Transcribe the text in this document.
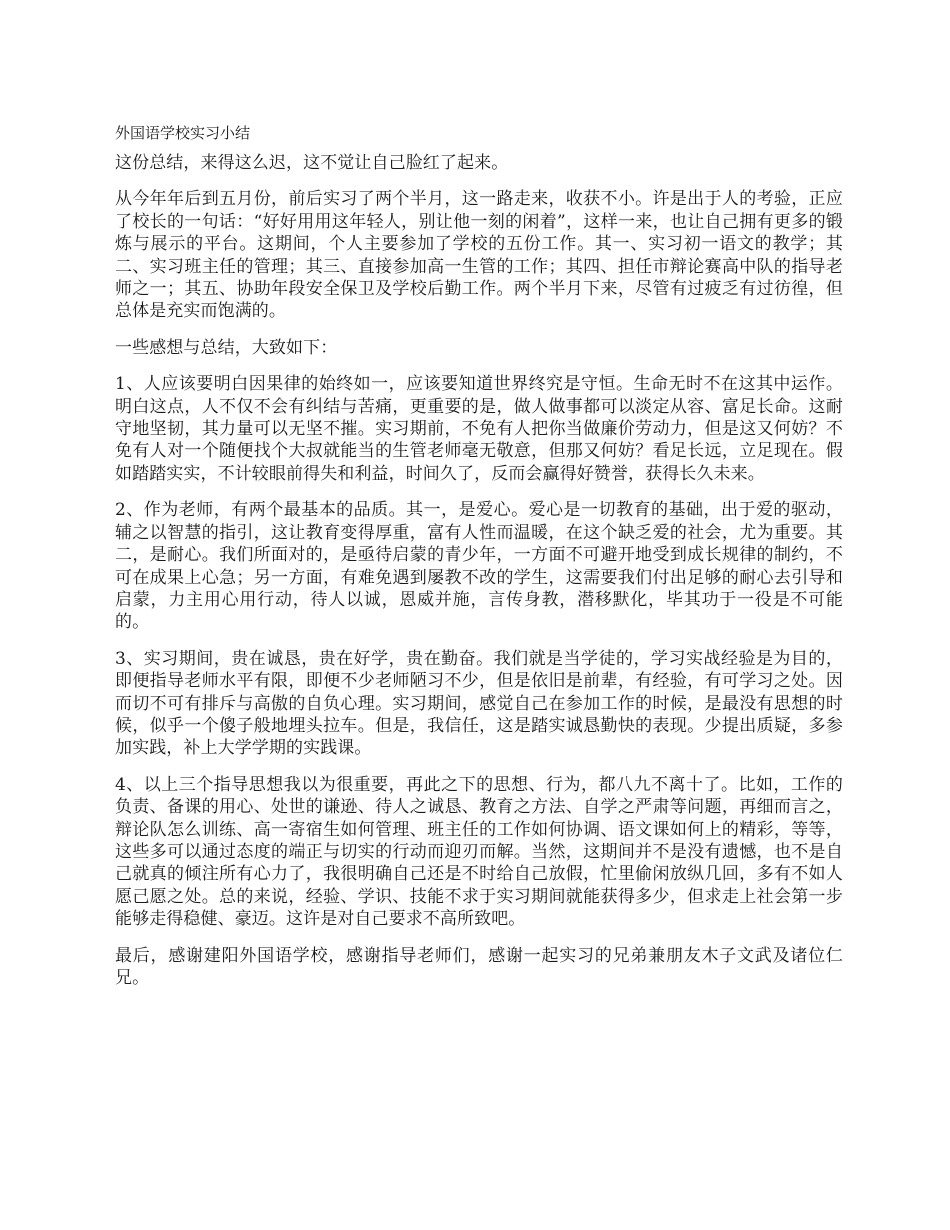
外国语学校实习小结

这份总结，来得这么迟，这不觉让自己脸红了起来。

从今年年后到五月份，前后实习了两个半月，这一路走来，收获不小。许是出于人的考验，正应了校长的一句话：“好好用用这年轻人，别让他一刻的闲着”，这样一来，也让自己拥有更多的锻炼与展示的平台。这期间，个人主要参加了学校的五份工作。其一、实习初一语文的教学；其二、实习班主任的管理；其三、直接参加高一生管的工作；其四、担任市辩论赛高中队的指导老师之一；其五、协助年段安全保卫及学校后勤工作。两个半月下来，尽管有过疲乏有过彷徨，但总体是充实而饱满的。

一些感想与总结，大致如下：

1、人应该要明白因果律的始终如一，应该要知道世界终究是守恒。生命无时不在这其中运作。明白这点，人不仅不会有纠结与苦痛，更重要的是，做人做事都可以淡定从容、富足长命。这耐守地坚韧，其力量可以无坚不摧。实习期前，不免有人把你当做廉价劳动力，但是这又何妨？不免有人对一个随便找个大叔就能当的生管老师毫无敬意，但那又何妨？看足长远，立足现在。假如踏踏实实，不计较眼前得失和利益，时间久了，反而会赢得好赞誉，获得长久未来。

2、作为老师，有两个最基本的品质。其一，是爱心。爱心是一切教育的基础，出于爱的驱动，辅之以智慧的指引，这让教育变得厚重，富有人性而温暖，在这个缺乏爱的社会，尤为重要。其二，是耐心。我们所面对的，是亟待启蒙的青少年，一方面不可避开地受到成长规律的制约，不可在成果上心急；另一方面，有难免遇到屡教不改的学生，这需要我们付出足够的耐心去引导和启蒙，力主用心用行动，待人以诚，恩威并施，言传身教，潜移默化，毕其功于一役是不可能的。

3、实习期间，贵在诚恳，贵在好学，贵在勤奋。我们就是当学徒的，学习实战经验是为目的，即便指导老师水平有限，即便不少老师陋习不少，但是依旧是前辈，有经验，有可学习之处。因而切不可有排斥与高傲的自负心理。实习期间，感觉自己在参加工作的时候，是最没有思想的时候，似乎一个傻子般地埋头拉车。但是，我信任，这是踏实诚恳勤快的表现。少提出质疑，多参加实践，补上大学学期的实践课。

4、以上三个指导思想我以为很重要，再此之下的思想、行为，都八九不离十了。比如，工作的负责、备课的用心、处世的谦逊、待人之诚恳、教育之方法、自学之严肃等问题，再细而言之，辩论队怎么训练、高一寄宿生如何管理、班主任的工作如何协调、语文课如何上的精彩，等等，这些多可以通过态度的端正与切实的行动而迎刃而解。当然，这期间并不是没有遗憾，也不是自己就真的倾注所有心力了，我很明确自己还是不时给自己放假，忙里偷闲放纵几回，多有不如人愿己愿之处。总的来说，经验、学识、技能不求于实习期间就能获得多少，但求走上社会第一步能够走得稳健、豪迈。这许是对自己要求不高所致吧。

最后，感谢建阳外国语学校，感谢指导老师们，感谢一起实习的兄弟兼朋友木子文武及诸位仁兄。
